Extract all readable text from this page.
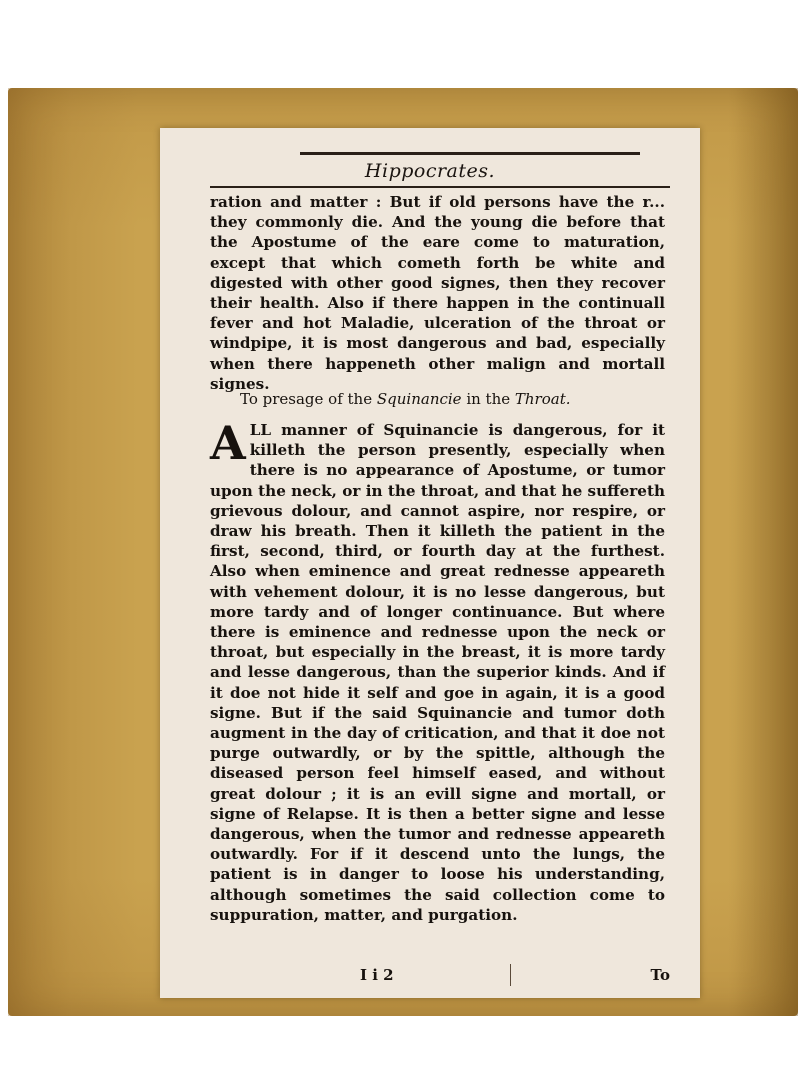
Hippocrates.
ration and matter : But if old persons have the r... they commonly die. And the young die before that the Apostume of the eare come to maturation, except that which cometh forth be white and digested with other good signes, then they recover their health. Also if there happen in the continuall fever and hot Maladie, ulceration of the throat or windpipe, it is most dangerous and bad, especially when there happeneth other malign and mortall signes.
To presage of the Squinancie in the Throat.
ALL manner of Squinancie is dangerous, for it killeth the person presently, especially when there is no appearance of Apostume, or tumor upon the neck, or in the throat, and that he suffereth grievous dolour, and cannot aspire, nor respire, or draw his breath. Then it killeth the patient in the first, second, third, or fourth day at the furthest. Also when eminence and great rednesse appeareth with vehement dolour, it is no lesse dangerous, but more tardy and of longer continuance. But where there is eminence and rednesse upon the neck or throat, but especially in the breast, it is more tardy and lesse dangerous, than the superior kinds. And if it doe not hide it self and goe in again, it is a good signe. But if the said Squinancie and tumor doth augment in the day of critication, and that it doe not purge outwardly, or by the spittle, although the diseased person feel himself eased, and without great dolour ; it is an evill signe and mortall, or signe of Relapse. It is then a better signe and lesse dangerous, when the tumor and rednesse appeareth outwardly. For if it descend unto the lungs, the patient is in danger to loose his understanding, although sometimes the said collection come to suppuration, matter, and purgation.
I i 2	To
